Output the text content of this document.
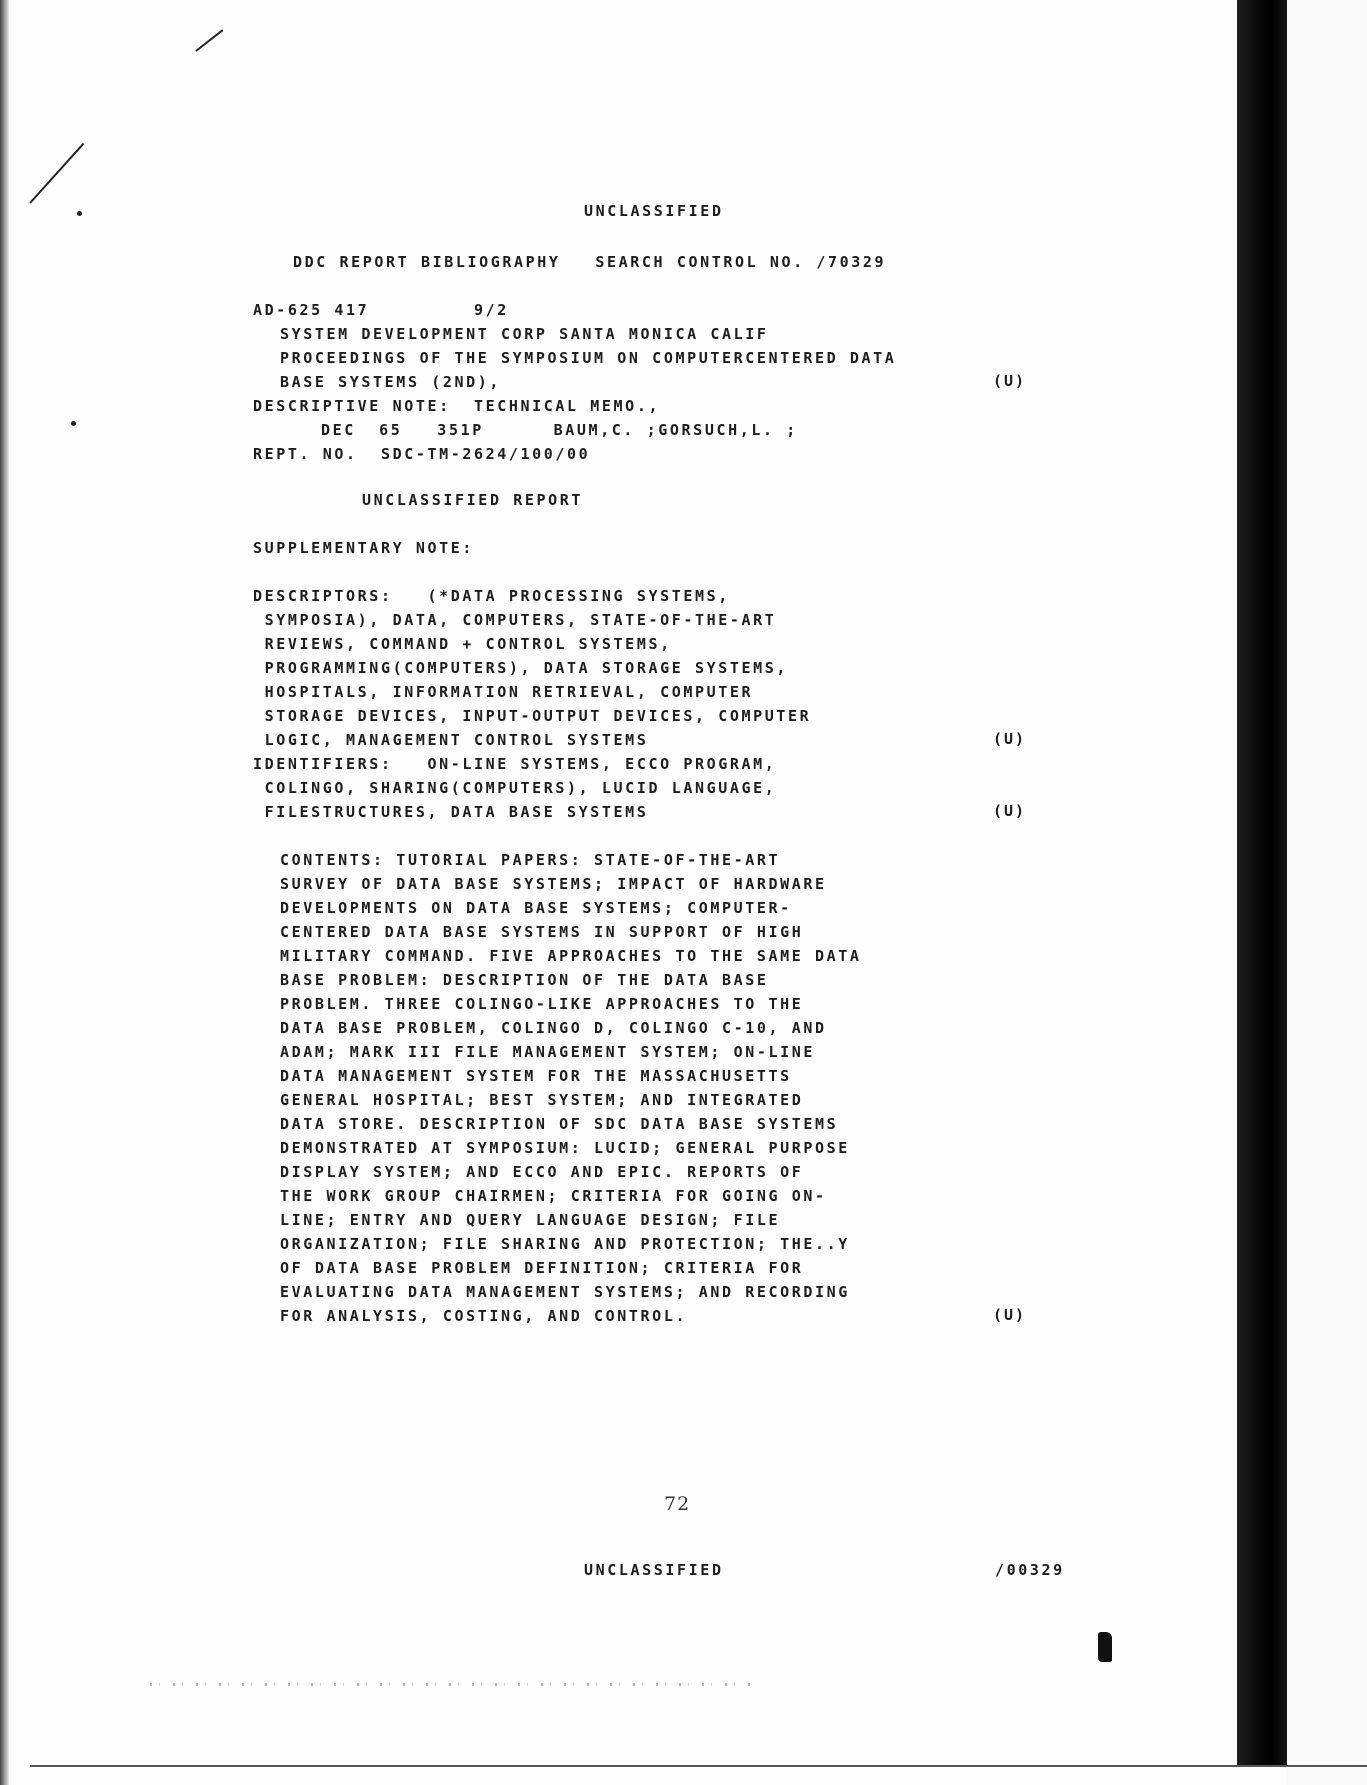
UNCLASSIFIED
DDC REPORT BIBLIOGRAPHY   SEARCH CONTROL NO. /70329
AD-625 417         9/2
SYSTEM DEVELOPMENT CORP SANTA MONICA CALIF
PROCEEDINGS OF THE SYMPOSIUM ON COMPUTERCENTERED DATA
BASE SYSTEMS (2ND),	(U)
DESCRIPTIVE NOTE:  TECHNICAL MEMO.,
DEC  65   351P      BAUM,C. ;GORSUCH,L. ;
REPT. NO.  SDC-TM-2624/100/00
UNCLASSIFIED REPORT
SUPPLEMENTARY NOTE:
DESCRIPTORS:   (*DATA PROCESSING SYSTEMS,
SYMPOSIA), DATA, COMPUTERS, STATE-OF-THE-ART
REVIEWS, COMMAND + CONTROL SYSTEMS,
PROGRAMMING(COMPUTERS), DATA STORAGE SYSTEMS,
HOSPITALS, INFORMATION RETRIEVAL, COMPUTER
STORAGE DEVICES, INPUT-OUTPUT DEVICES, COMPUTER
LOGIC, MANAGEMENT CONTROL SYSTEMS	(U)
IDENTIFIERS:   ON-LINE SYSTEMS, ECCO PROGRAM,
COLINGO, SHARING(COMPUTERS), LUCID LANGUAGE,
FILESTRUCTURES, DATA BASE SYSTEMS	(U)
CONTENTS: TUTORIAL PAPERS: STATE-OF-THE-ART
SURVEY OF DATA BASE SYSTEMS; IMPACT OF HARDWARE
DEVELOPMENTS ON DATA BASE SYSTEMS; COMPUTER-
CENTERED DATA BASE SYSTEMS IN SUPPORT OF HIGH
MILITARY COMMAND. FIVE APPROACHES TO THE SAME DATA
BASE PROBLEM: DESCRIPTION OF THE DATA BASE
PROBLEM. THREE COLINGO-LIKE APPROACHES TO THE
DATA BASE PROBLEM, COLINGO D, COLINGO C-10, AND
ADAM; MARK III FILE MANAGEMENT SYSTEM; ON-LINE
DATA MANAGEMENT SYSTEM FOR THE MASSACHUSETTS
GENERAL HOSPITAL; BEST SYSTEM; AND INTEGRATED
DATA STORE. DESCRIPTION OF SDC DATA BASE SYSTEMS
DEMONSTRATED AT SYMPOSIUM: LUCID; GENERAL PURPOSE
DISPLAY SYSTEM; AND ECCO AND EPIC. REPORTS OF
THE WORK GROUP CHAIRMEN; CRITERIA FOR GOING ON-
LINE; ENTRY AND QUERY LANGUAGE DESIGN; FILE
ORGANIZATION; FILE SHARING AND PROTECTION; THE..Y
OF DATA BASE PROBLEM DEFINITION; CRITERIA FOR
EVALUATING DATA MANAGEMENT SYSTEMS; AND RECORDING
FOR ANALYSIS, COSTING, AND CONTROL.	(U)
72
UNCLASSIFIED	/00329
